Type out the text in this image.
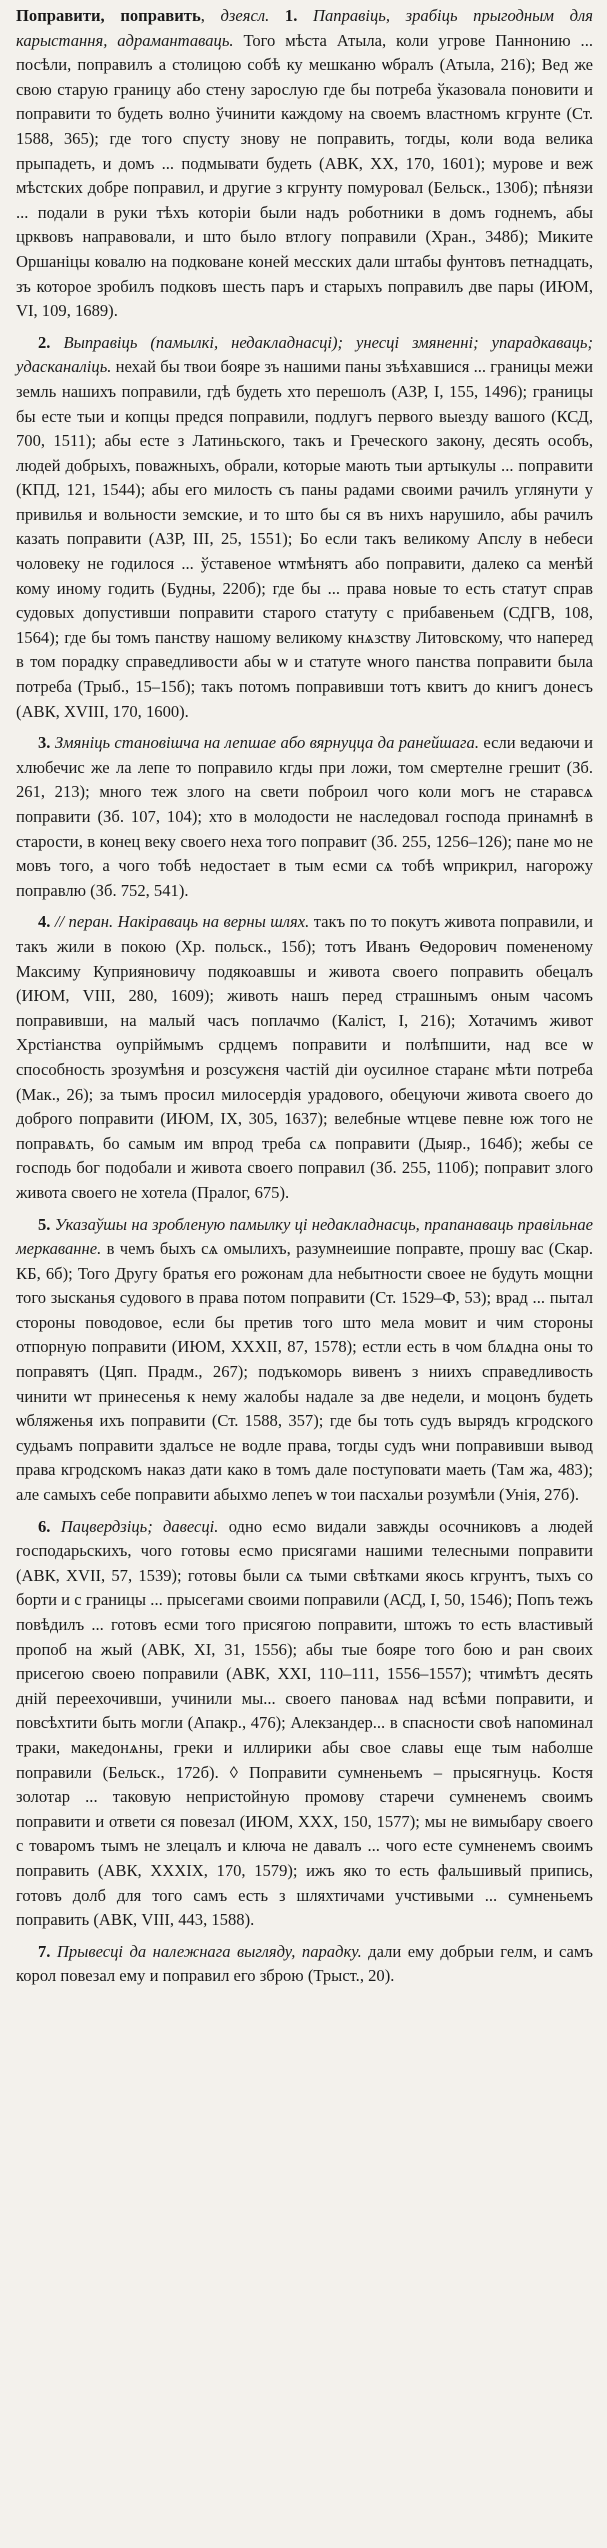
Поправити, поправить, дзеясл. 1. Паправіць, зрабіць прыгодным для карыстання, адрамантаваць. Того мѣста Атыла, коли угрове Паннонию ... посѣли, поправилъ а столицою собѣ ку мешканю ѡбралъ (Атыла, 216); Вед же свою старую границу або стену зарослую где бы потреба ўказовала поновити и поправити то будеть волно ўчинити каждому на своемъ властномъ кгрунте (Ст. 1588, 365); где тогo спусту знову не поправить, тогды, коли вода велика прыпадеть, и домъ ... подмывати будеть (АВК, XX, 170, 1601); мурове и веж мѣстских добре поправил, и другие з кгрунту помуровал (Бельск., 130б); пѣнязи ... подали в руки тѣхъ которіи были надъ роботники в домъ годнемъ, абы црквовъ направовали, и што было втлогу поправили (Хран., 348б); Миките Оршаніцы ковалю на подковане коней месских дали штабы фунтовъ петнадцать, зъ которое зробилъ подковъ шесть паръ и старыхъ поправилъ две пары (ИЮМ, VI, 109, 1689).

2. Выправіць (памылкі, недакладнасці); унесці змяненні; упарадкаваць; удасканаліць. нехай бы твои бояре зъ нашими паны зъѣхавшися ... границы межи земль нашихъ поправили, гдѣ будеть хто перешолъ (АЗР, I, 155, 1496); границы бы есте тыи и копцы предся поправили, подлугъ первого выезду вашого (КСД, 700, 1511); абы есте з Латиньского, такъ и Греческого закону, десять особъ, людей добрыхъ, поважныхъ, обрали, которые мають тыи артыкулы ... поправити (КПД, 121, 1544); абы его милость съ паны радами своими рачилъ углянути у привилья и вольности земские, и то што бы ся въ нихъ нарушило, абы рачилъ казать поправити (АЗР, III, 25, 1551); Бо если такъ великому Апслу в небеси чоловеку не годилося ... ўставеное ѡтмѣнятъ або поправити, далеко са менѣй кому иному годить (Будны, 220б); где бы ... права новые то есть статут справ судовых допустивши поправити старого статуту с прибавеньем (СДГВ, 108, 1564); где бы томъ панству нашому великому кнѧзству Литовскому, что наперед в том порадку справедливости абы ѡ и статуте ѡного панства поправити была потреба (Трыб., 15–15б); такъ потомъ поправивши тотъ квитъ до книгъ донесъ (АВК, XVIII, 170, 1600).

3. Змяніць становішча на лепшае або вярнуцца да ранейшага. если ведаючи и хлюбечис же ла лепе то поправило кгды при ложи, том смертелне грешит (Зб. 261, 213); много теж злого на свети поброил чого коли могъ не старавсѧ поправити (Зб. 107, 104); хто в молодости не наследовал господа принамнѣ в старости, в конец веку своего неха того поправит (Зб. 255, 1256–126); пане мо не мовъ того, а чого тобѣ недостает в тым есми сѧ тобѣ ѡприкрил, нагорожу поправлю (Зб. 752, 541).

4. // перан. Накіраваць на верны шлях. такъ по то покутъ живота поправили, и такъ жили в покою (Хр. польск., 15б); тотъ Иванъ Ѳедорович помененому Максиму Куприяновичу подякоавшы и живота своего поправить обецалъ (ИЮМ, VIII, 280, 1609); животь нашъ перед страшнымъ оным часомъ поправивши, на малый часъ поплачмо (Каліст, I, 216); Хотачимъ живот Хрстіанства оупріймымъ срдцемъ поправити и полѣпшити, над все ѡ способность зрозумѣня и розсужєня частій діи оусилное старанє мѣти потреба (Мак., 26); за тымъ просил милосердія урадового, обецуючи живота своего до доброго поправити (ИЮМ, IX, 305, 1637); велебные ѡтцеве певне юж того не поправѧть, бо самым им впрод треба сѧ поправити (Дыяр., 164б); жебы се господь бог подобали и живота своего поправил (Зб. 255, 110б); поправит злого живота своего не хотела (Пралог, 675).

5. Указаўшы на зробленую памылку ці недакладнасць, прапанаваць правільнае меркаванне. в чемъ быхъ сѧ омылихъ, разумнеишие поправте, прошу вас (Скар. КБ, 6б); Того Другу братья его рожонам дла небытности своее не будуть мощни того зысканья судового в права потом поправити (Ст. 1529–Ф, 53); врад ... пытал стороны поводовое, если бы претив того што мела мовит и чим стороны отпорную поправити (ИЮМ, XXXII, 87, 1578); естли есть в чом блѧдна оны то поправятъ (Цяп. Прадм., 267); подъкоморь вивенъ з ниихъ справедливость чинити ѡт принесенья к нему жалобы надале за две недели, и моцонъ будеть ѡбляженья ихъ поправити (Ст. 1588, 357); где бы тоть судъ вырядъ кгродского судьамъ поправити здалъсе не водле права, тогды судъ ѡни поправивши вывод права кгродскомъ наказ дати како в томъ дале поступовати маеть (Там жа, 483); але самыхъ себе поправити абыхмо лепеъ ѡ тои пасхальи розумѣли (Унія, 27б).

6. Пацвердзіць; давесці. одно есмо видали завжды осочниковъ а людей господарьскихъ, чого готовы есмо присягами нашими телесными поправити (АВК, XVII, 57, 1539); готовы были сѧ тыми свѣтками якось кгрунтъ, тыхъ со борти и с границы ... прысегами своими поправили (АСД, I, 50, 1546); Попъ тежъ повѣдилъ ... готовъ есми того присягою поправити, штожъ то есть властивый пропоб на жый (АВК, XI, 31, 1556); абы тые бояре того бою и ран своих присегою своею поправили (АВК, XXI, 110–111, 1556–1557); чтимѣтъ десять дній переехочивши, учинили мы... своего пановаѧ над всѣми поправити, и повсѣхтити быть могли (Апакр., 476); Алекзандер... в спасности своѣ напоминал траки, македонѧны, греки и иллирики абы свое славы еще тым наболше поправили (Бельск., 172б). ◊ Поправити сумненьемъ – прысягнуць. Костя золотар ... таковую непристойную промову старечи сумненемъ своимъ поправити и ответи ся повезал (ИЮМ, XXX, 150, 1577); мы не вимыбару своего с товаромъ тымъ не злецалъ и ключа не давалъ ... чого есте сумненемъ своимъ поправить (АВК, XXXIX, 170, 1579); ижъ яко то есть фальшивый припись, готовъ долб для того самъ есть з шляхтичами учстивыми ... сумненьемъ поправить (АВК, VIII, 443, 1588).

7. Прывесці да належнага выгляду, парадку. дали ему добрыи гелм, и самъ корол повезал ему и поправил его зброю (Трыст., 20).
